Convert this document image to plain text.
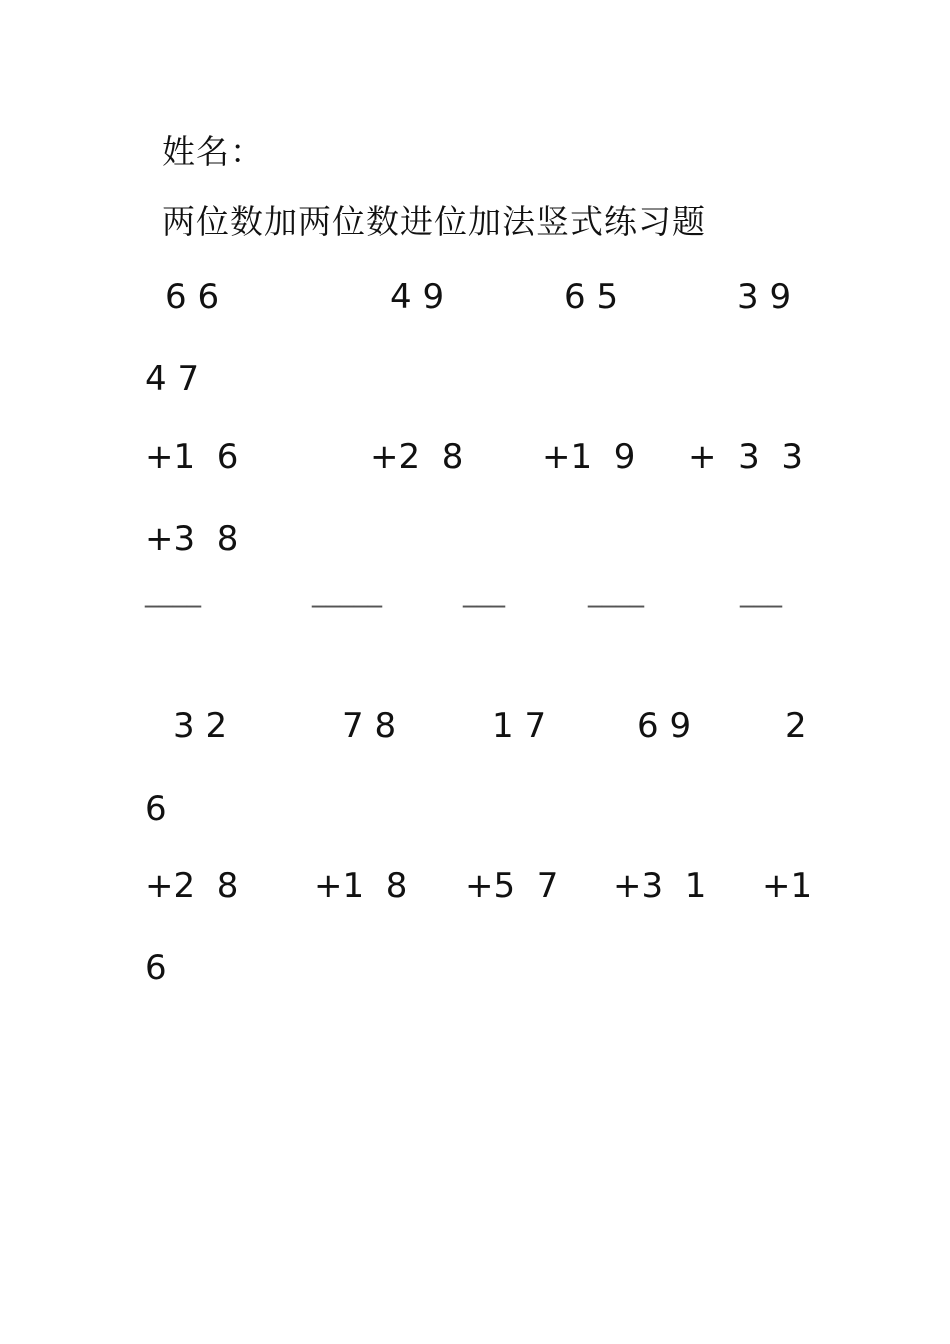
姓名：
两位数加两位数进位加法竖式练习题
6 6	4 9	6 5	3 9
4 7
+1  6	+2  8 +1  9 +  3  3
+3  8
____	_____	___	____	___
3 2	7 8	1 7	6 9	2
6
+2  8 +1  8 +5  7 +3  1 +1
6
